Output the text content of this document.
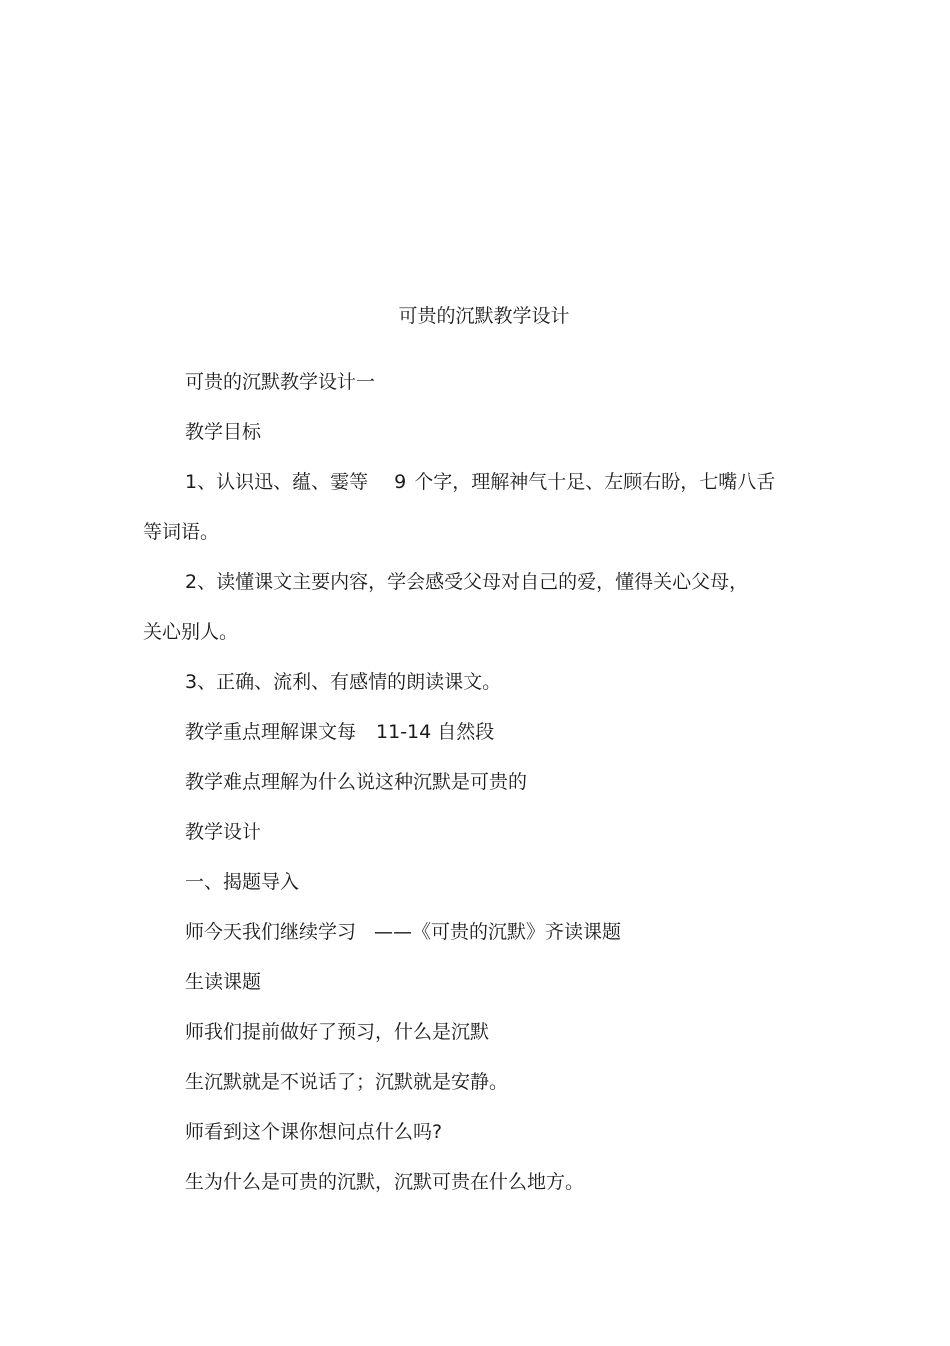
可贵的沉默教学设计

可贵的沉默教学设计一

教学目标

1、认识迅、蕴、霎等 9 个字，理解神气十足、左顾右盼，七嘴八舌

等词语。

2、读懂课文主要内容，学会感受父母对自己的爱，懂得关心父母，

关心别人。

3、正确、流利、有感情的朗读课文。

教学重点理解课文每 11-14 自然段

教学难点理解为什么说这种沉默是可贵的

教学设计

一、揭题导入

师今天我们继续学习 ——《可贵的沉默》齐读课题

生读课题

师我们提前做好了预习，什么是沉默

生沉默就是不说话了；沉默就是安静。

师看到这个课你想问点什么吗?

生为什么是可贵的沉默，沉默可贵在什么地方。
